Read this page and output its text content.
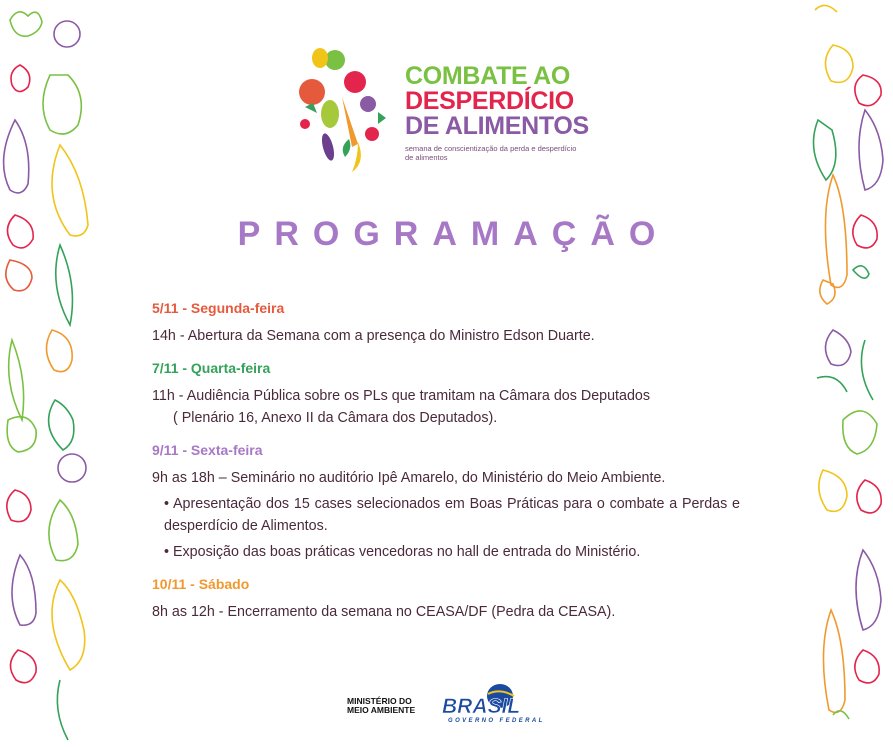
COMBATE AO
DESPERDÍCIO
DE ALIMENTOS
semana de conscientização da perda e desperdício de alimentos
PROGRAMAÇÃO
5/11 - Segunda-feira
14h - Abertura da Semana com a presença do Ministro Edson Duarte.
7/11 - Quarta-feira
11h - Audiência Pública sobre os PLs que tramitam na Câmara dos Deputados
( Plenário 16, Anexo II da Câmara dos Deputados).
9/11 - Sexta-feira
9h as 18h – Seminário no auditório Ipê Amarelo, do Ministério do Meio Ambiente.
• Apresentação dos 15 cases selecionados em Boas Práticas para o combate a Perdas e desperdício de Alimentos.
• Exposição das boas práticas vencedoras no hall de entrada do Ministério.
10/11 - Sábado
8h as 12h - Encerramento da semana no CEASA/DF (Pedra da CEASA).
MINISTÉRIO DO
MEIO AMBIENTE BRASIL
GOVERNO FEDERAL
